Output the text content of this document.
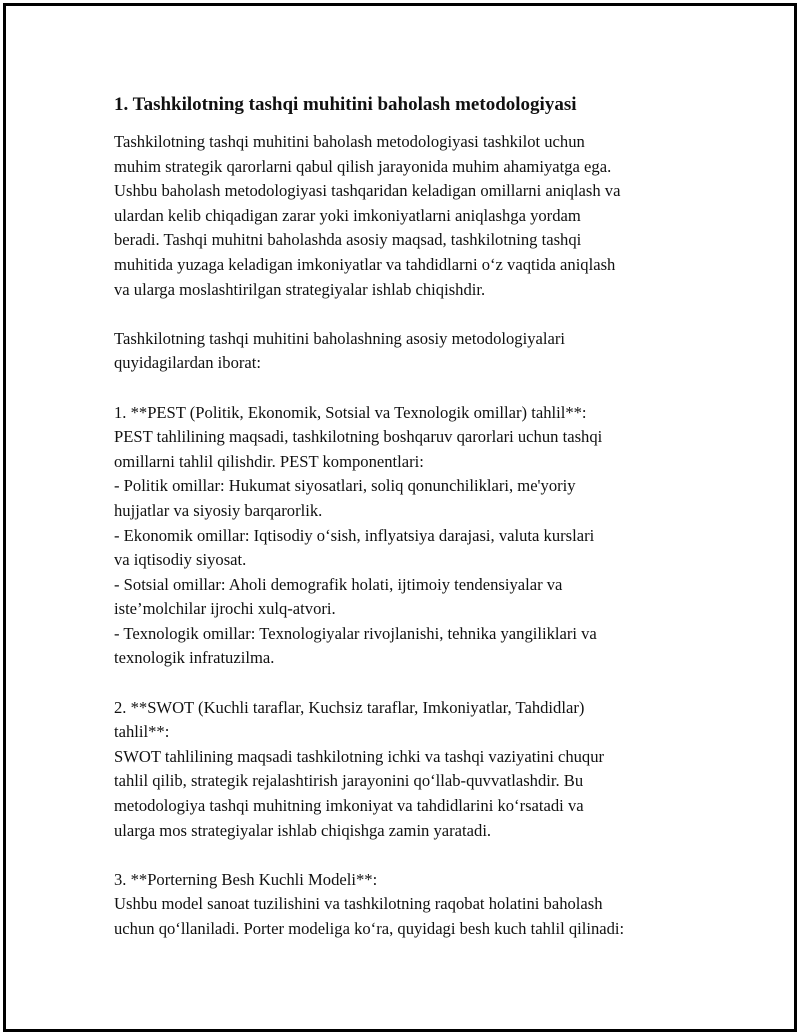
1. Tashkilotning tashqi muhitini baholash metodologiyasi

Tashkilotning tashqi muhitini baholash metodologiyasi tashkilot uchun
muhim strategik qarorlarni qabul qilish jarayonida muhim ahamiyatga ega.
Ushbu baholash metodologiyasi tashqaridan keladigan omillarni aniqlash va
ulardan kelib chiqadigan zarar yoki imkoniyatlarni aniqlashga yordam
beradi. Tashqi muhitni baholashda asosiy maqsad, tashkilotning tashqi
muhitida yuzaga keladigan imkoniyatlar va tahdidlarni o‘z vaqtida aniqlash
va ularga moslashtirilgan strategiyalar ishlab chiqishdir.

Tashkilotning tashqi muhitini baholashning asosiy metodologiyalari
quyidagilardan iborat:

1. **PEST (Politik, Ekonomik, Sotsial va Texnologik omillar) tahlil**:
PEST tahlilining maqsadi, tashkilotning boshqaruv qarorlari uchun tashqi
omillarni tahlil qilishdir. PEST komponentlari:
- Politik omillar: Hukumat siyosatlari, soliq qonunchiliklari, me'yoriy
hujjatlar va siyosiy barqarorlik.
- Ekonomik omillar: Iqtisodiy o‘sish, inflyatsiya darajasi, valuta kurslari
va iqtisodiy siyosat.
- Sotsial omillar: Aholi demografik holati, ijtimoiy tendensiyalar va
iste’molchilar ijrochi xulq-atvori.
- Texnologik omillar: Texnologiyalar rivojlanishi, tehnika yangiliklari va
texnologik infratuzilma.

2. **SWOT (Kuchli taraflar, Kuchsiz taraflar, Imkoniyatlar, Tahdidlar)
tahlil**:
SWOT tahlilining maqsadi tashkilotning ichki va tashqi vaziyatini chuqur
tahlil qilib, strategik rejalashtirish jarayonini qo‘llab-quvvatlashdir. Bu
metodologiya tashqi muhitning imkoniyat va tahdidlarini ko‘rsatadi va
ularga mos strategiyalar ishlab chiqishga zamin yaratadi.

3. **Porterning Besh Kuchli Modeli**:
Ushbu model sanoat tuzilishini va tashkilotning raqobat holatini baholash
uchun qo‘llaniladi. Porter modeliga ko‘ra, quyidagi besh kuch tahlil qilinadi:
